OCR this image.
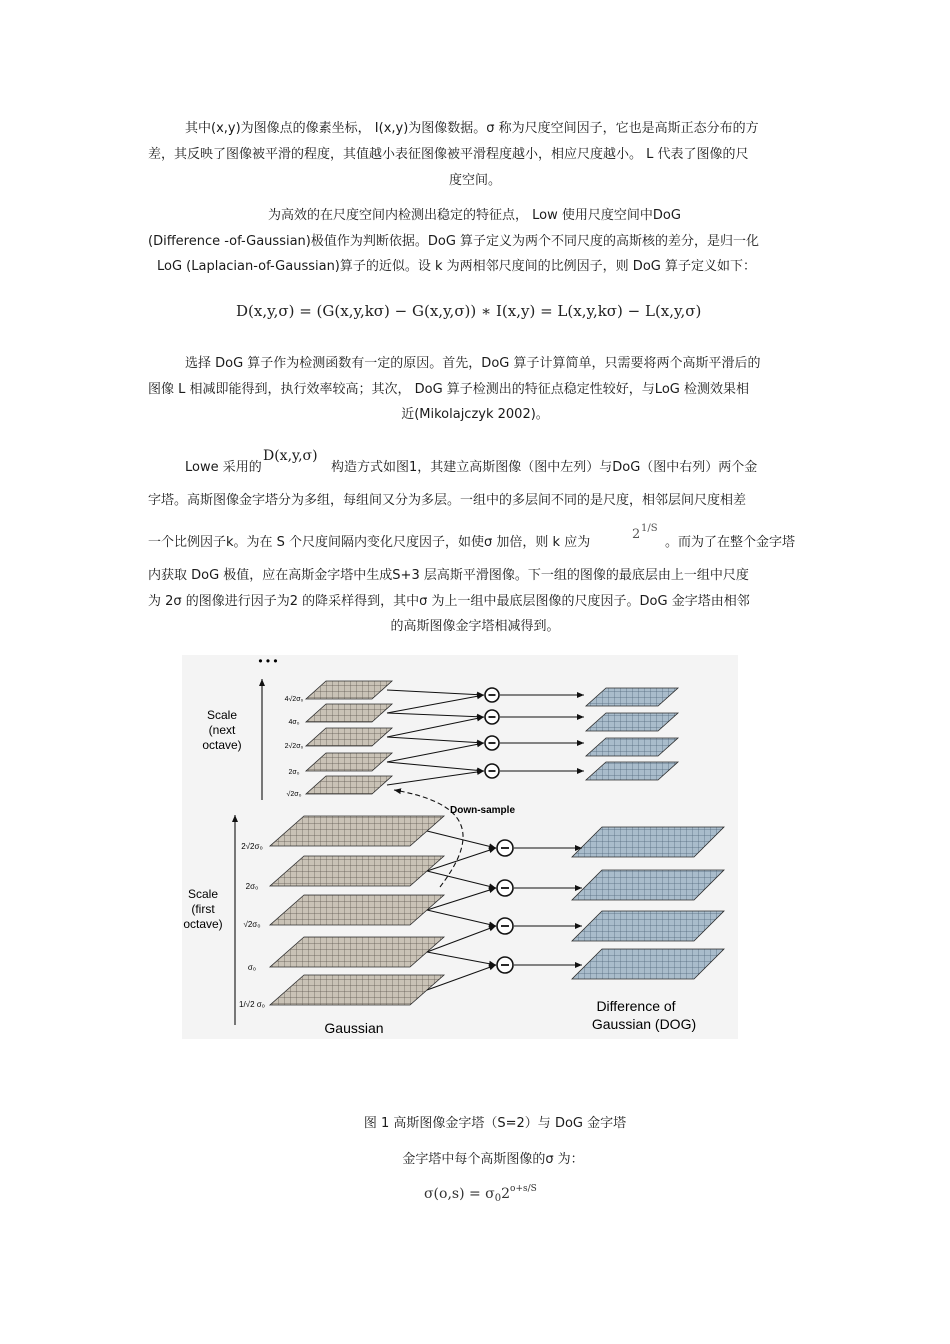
其中(x,y)为图像点的像素坐标， I(x,y)为图像数据。σ 称为尺度空间因子，它也是高斯正态分布的方
差，其反映了图像被平滑的程度，其值越小表征图像被平滑程度越小，相应尺度越小。 L 代表了图像的尺
度空间。
为高效的在尺度空间内检测出稳定的特征点， Low 使用尺度空间中DoG
(Difference -of-Gaussian)极值作为判断依据。DoG 算子定义为两个不同尺度的高斯核的差分，是归一化
LoG (Laplacian-of-Gaussian)算子的近似。设 k 为两相邻尺度间的比例因子，则 DoG 算子定义如下：
D(x,y,σ) = (G(x,y,kσ) − G(x,y,σ)) ∗ I(x,y) = L(x,y,kσ) − L(x,y,σ)
选择 DoG 算子作为检测函数有一定的原因。首先，DoG 算子计算简单，只需要将两个高斯平滑后的
图像 L 相减即能得到，执行效率较高；其次， DoG 算子检测出的特征点稳定性较好，与LoG 检测效果相
近(Mikolajczyk 2002)。
Lowe 采用的
D(x,y,σ)
构造方式如图1，其建立高斯图像（图中左列）与DoG（图中右列）两个金
字塔。高斯图像金字塔分为多组，每组间又分为多层。一组中的多层间不同的是尺度，相邻层间尺度相差
一个比例因子k。为在 S 个尺度间隔内变化尺度因子，如使σ 加倍，则 k 应为
2 1/S
。而为了在整个金字塔
内获取 DoG 极值，应在高斯金字塔中生成S+3 层高斯平滑图像。下一组的图像的最底层由上一组中尺度
为 2σ 的图像进行因子为2 的降采样得到，其中σ 为上一组中最底层图像的尺度因子。DoG 金字塔由相邻
的高斯图像金字塔相减得到。
• • •
Scale
(next
octave)
Scale
(first
octave)
Down-sample
Gaussian
Difference of
Gaussian (DOG)
4√2σ₀
4σ₀
2√2σ₀
2σ₀
√2σ₀
2√2σ₀
2σ₀
√2σ₀
σ₀
1/√2 σ₀
图 1 高斯图像金字塔（S=2）与 DoG 金字塔
金字塔中每个高斯图像的σ 为：
$\sigma(o,s) = \sigma_02^{o+s/S}$
